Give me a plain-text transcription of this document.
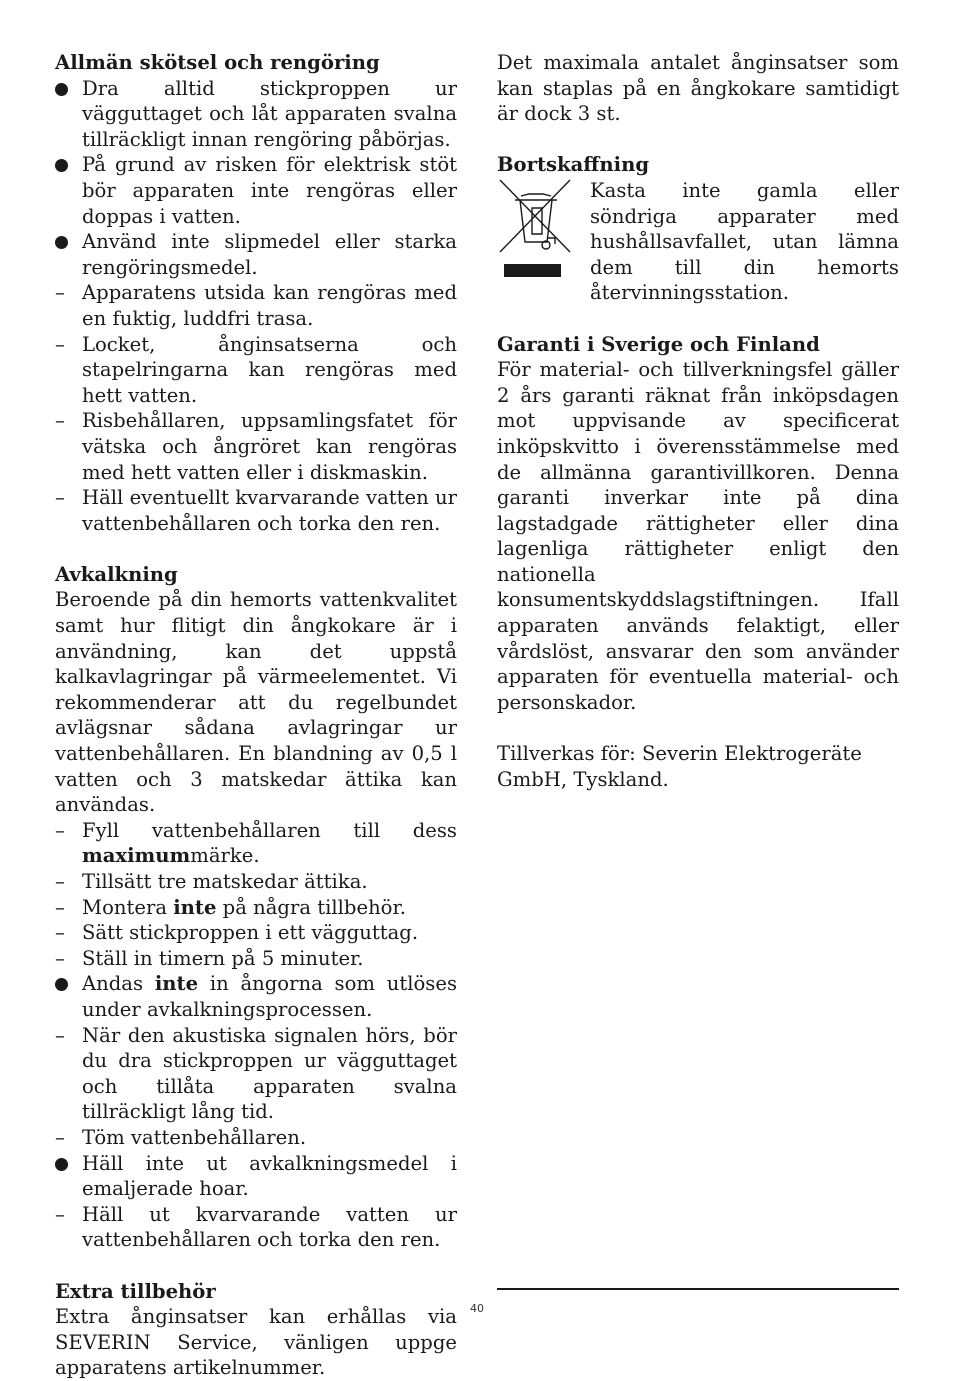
Allmän skötsel och rengöring
Dra alltid stickproppen ur vägguttaget och låt apparaten svalna tillräckligt innan rengöring påbörjas.
På grund av risken för elektrisk stöt bör apparaten inte rengöras eller doppas i vatten.
Använd inte slipmedel eller starka rengöringsmedel.
– Apparatens utsida kan rengöras med en fuktig, luddfri trasa.
– Locket, ånginsatserna och stapelringarna kan rengöras med hett vatten.
– Risbehållaren, uppsamlingsfatet för vätska och ångröret kan rengöras med hett vatten eller i diskmaskin.
– Häll eventuellt kvarvarande vatten ur vattenbehållaren och torka den ren.
Avkalkning

Beroende på din hemorts vattenkvalitet samt hur flitigt din ångkokare är i användning, kan det uppstå kalkavlagringar på värmeelementet. Vi rekommenderar att du regelbundet avlägsnar sådana avlagringar ur vattenbehållaren. En blandning av 0,5 l vatten och 3 matskedar ättika kan användas.

– Fyll vattenbehållaren till dess maximummärke.
– Tillsätt tre matskedar ättika.
– Montera inte på några tillbehör.
– Sätt stickproppen i ett vägguttag.
– Ställ in timern på 5 minuter.
Andas inte in ångorna som utlöses under avkalkningsprocessen.
– När den akustiska signalen hörs, bör du dra stickproppen ur vägguttaget och tillåta apparaten svalna tillräckligt lång tid.
– Töm vattenbehållaren.
Häll inte ut avkalkningsmedel i emaljerade hoar.
– Häll ut kvarvarande vatten ur vattenbehållaren och torka den ren.
Extra tillbehör

Extra ånginsatser kan erhållas via SEVERIN Service, vänligen uppge apparatens artikelnummer.

Det maximala antalet ånginsatser som kan staplas på en ångkokare samtidigt är dock 3 st.

Bortskaffning
Kasta inte gamla eller söndriga apparater med hushållsavfallet, utan lämna dem till din hemorts återvinningsstation.
Garanti i Sverige och Finland

För material- och tillverkningsfel gäller 2 års garanti räknat från inköpsdagen mot uppvisande av specificerat inköpskvitto i överensstämmelse med de allmänna garantivillkoren. Denna garanti inverkar inte på dina lagstadgade rättigheter eller dina lagenliga rättigheter enligt den nationella konsumentskyddslagstiftningen. Ifall apparaten används felaktigt, eller vårdslöst, ansvarar den som använder apparaten för eventuella material- och personskador.

Tillverkas för: Severin Elektrogeräte GmbH, Tyskland.

40
